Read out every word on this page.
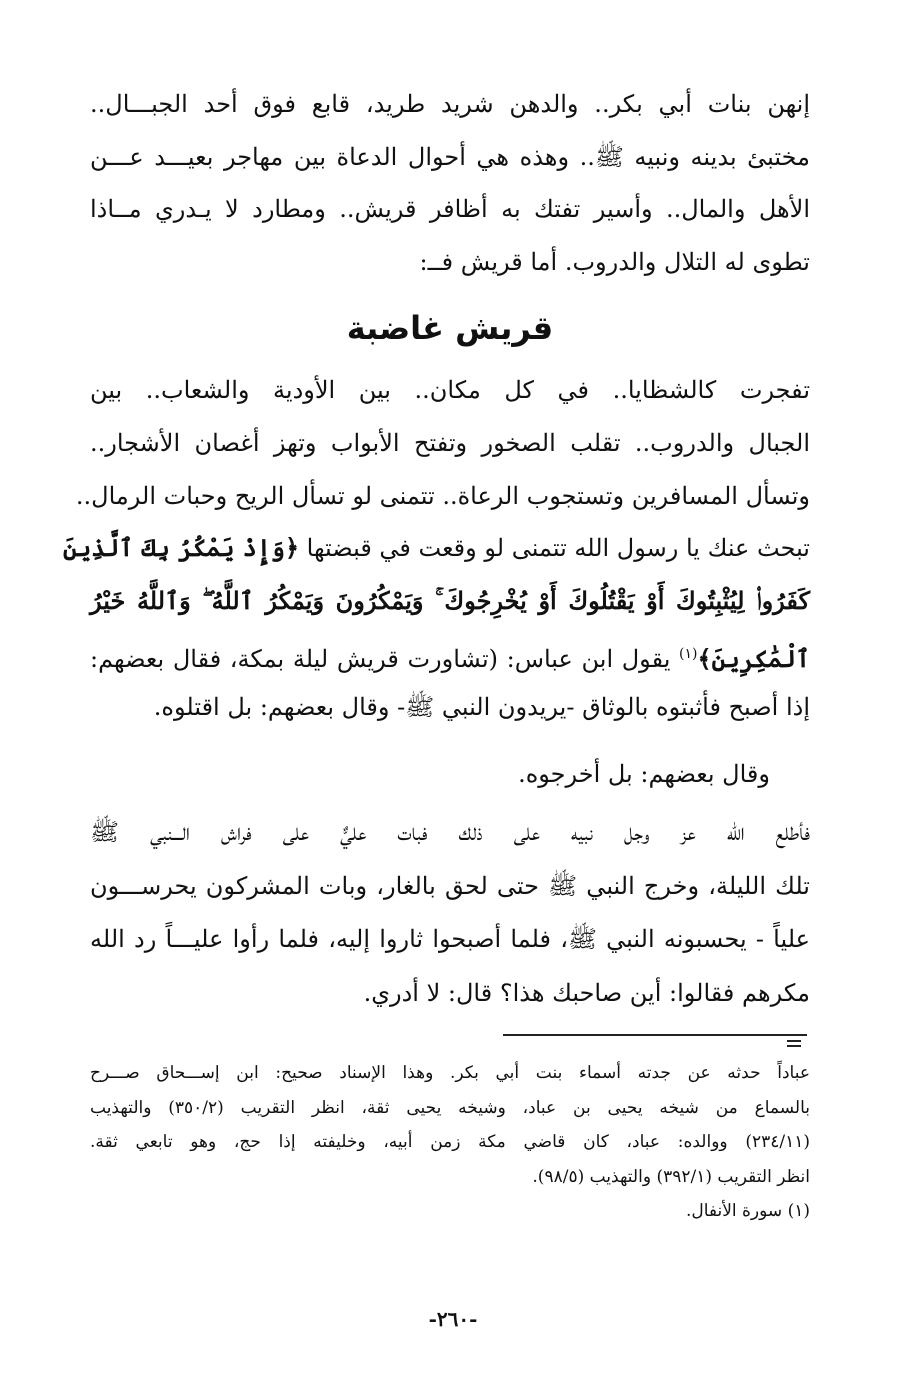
إنهن بنات أبي بكر.. والدهن شريد طريد، قابع فوق أحد الجبـــال..
مختبئ بدينه ونبيه ﷺ.. وهذه هي أحوال الدعاة بين مهاجر بعيـــد عـــن
الأهل والمال.. وأسير تفتك به أظافر قريش.. ومطارد لا يـدري مــاذا
تطوى له التلال والدروب. أما قريش فــ:
قريش غاضبة
تفجرت كالشظايا.. في كل مكان.. بين الأودية والشعاب.. بين
الجبال والدروب.. تقلب الصخور وتفتح الأبواب وتهز أغصان الأشجار..
وتسأل المسافرين وتستجوب الرعاة.. تتمنى لو تسأل الريح وحبات الرمال..
تبحث عنك يا رسول الله تتمنى لو وقعت في قبضتها ﴿وَإِذْ يَمْكُرُ بِكَ ٱلَّذِينَ
كَفَرُوا۟ لِيُثْبِتُوكَ أَوْ يَقْتُلُوكَ أَوْ يُخْرِجُوكَ ۚ وَيَمْكُرُونَ وَيَمْكُرُ ٱللَّهُ ۖ وَٱللَّهُ خَيْرُ
ٱلْمَٰكِرِينَ﴾$^{(١)}$ يقول ابن عباس: (تشاورت قريش ليلة بمكة، فقال بعضهم:
إذا أصبح فأثبتوه بالوثاق -يريدون النبي ﷺ- وقال بعضهم: بل اقتلوه.
وقال بعضهم: بل أخرجوه.
فأطلع الله عز وجل نبيه على ذلك فبات عليٌّ على فراش الـــنبي ﷺ
تلك الليلة، وخرج النبي ﷺ حتى لحق بالغار، وبات المشركون يحرســـون
علياً - يحسبونه النبي ﷺ، فلما أصبحوا ثاروا إليه، فلما رأوا عليـــاً رد الله
مكرهم فقالوا: أين صاحبك هذا؟ قال: لا أدري.
عباداً حدثه عن جدته أسماء بنت أبي بكر. وهذا الإسناد صحيح: ابن إســـحاق صـــرح
بالسماع من شيخه يحيى بن عباد، وشيخه يحيى ثقة، انظر التقريب (٣٥٠/٢) والتهذيب
(٢٣٤/١١) ووالده: عباد، كان قاضي مكة زمن أبيه، وخليفته إذا حج، وهو تابعي ثقة.
انظر التقريب (٣٩٢/١) والتهذيب (٩٨/٥).
(١) سورة الأنفال.
-٢٦٠-
